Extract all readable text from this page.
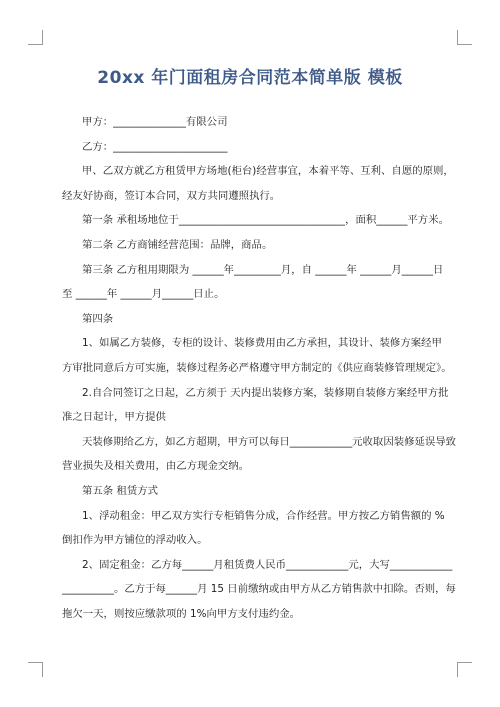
20xx 年门面租房合同范本简单版 模板

甲方：______________有限公司

乙方：______________________

甲、乙双方就乙方租赁甲方场地(柜台)经营事宜，本着平等、互利、自愿的原则，

经友好协商，签订本合同，双方共同遵照执行。

第一条 承租场地位于________________________________，面积______平方米。

第二条 乙方商铺经营范围：品牌，商品。

第三条 乙方租用期限为 ______年_________月，自 ______年 ______月______日

至 ______年 ______月______日止。

第四条

1、如属乙方装修，专柜的设计、装修费用由乙方承担，其设计、装修方案经甲

方审批同意后方可实施，装修过程务必严格遵守甲方制定的《供应商装修管理规定》。

2.自合同签订之日起，乙方须于 天内提出装修方案，装修期自装修方案经甲方批

准之日起计，甲方提供

天装修期给乙方，如乙方超期，甲方可以每日____________元收取因装修延误导致

营业损失及相关费用，由乙方现金交纳。

第五条 租赁方式

1、浮动租金：甲乙双方实行专柜销售分成，合作经营。甲方按乙方销售额的 %

倒扣作为甲方铺位的浮动收入。

2、固定租金：乙方每______月租赁费人民币____________元，大写____________

__________。乙方于每______月 15 日前缴纳或由甲方从乙方销售款中扣除。否则，每

拖欠一天，则按应缴款项的 1%向甲方支付违约金。
